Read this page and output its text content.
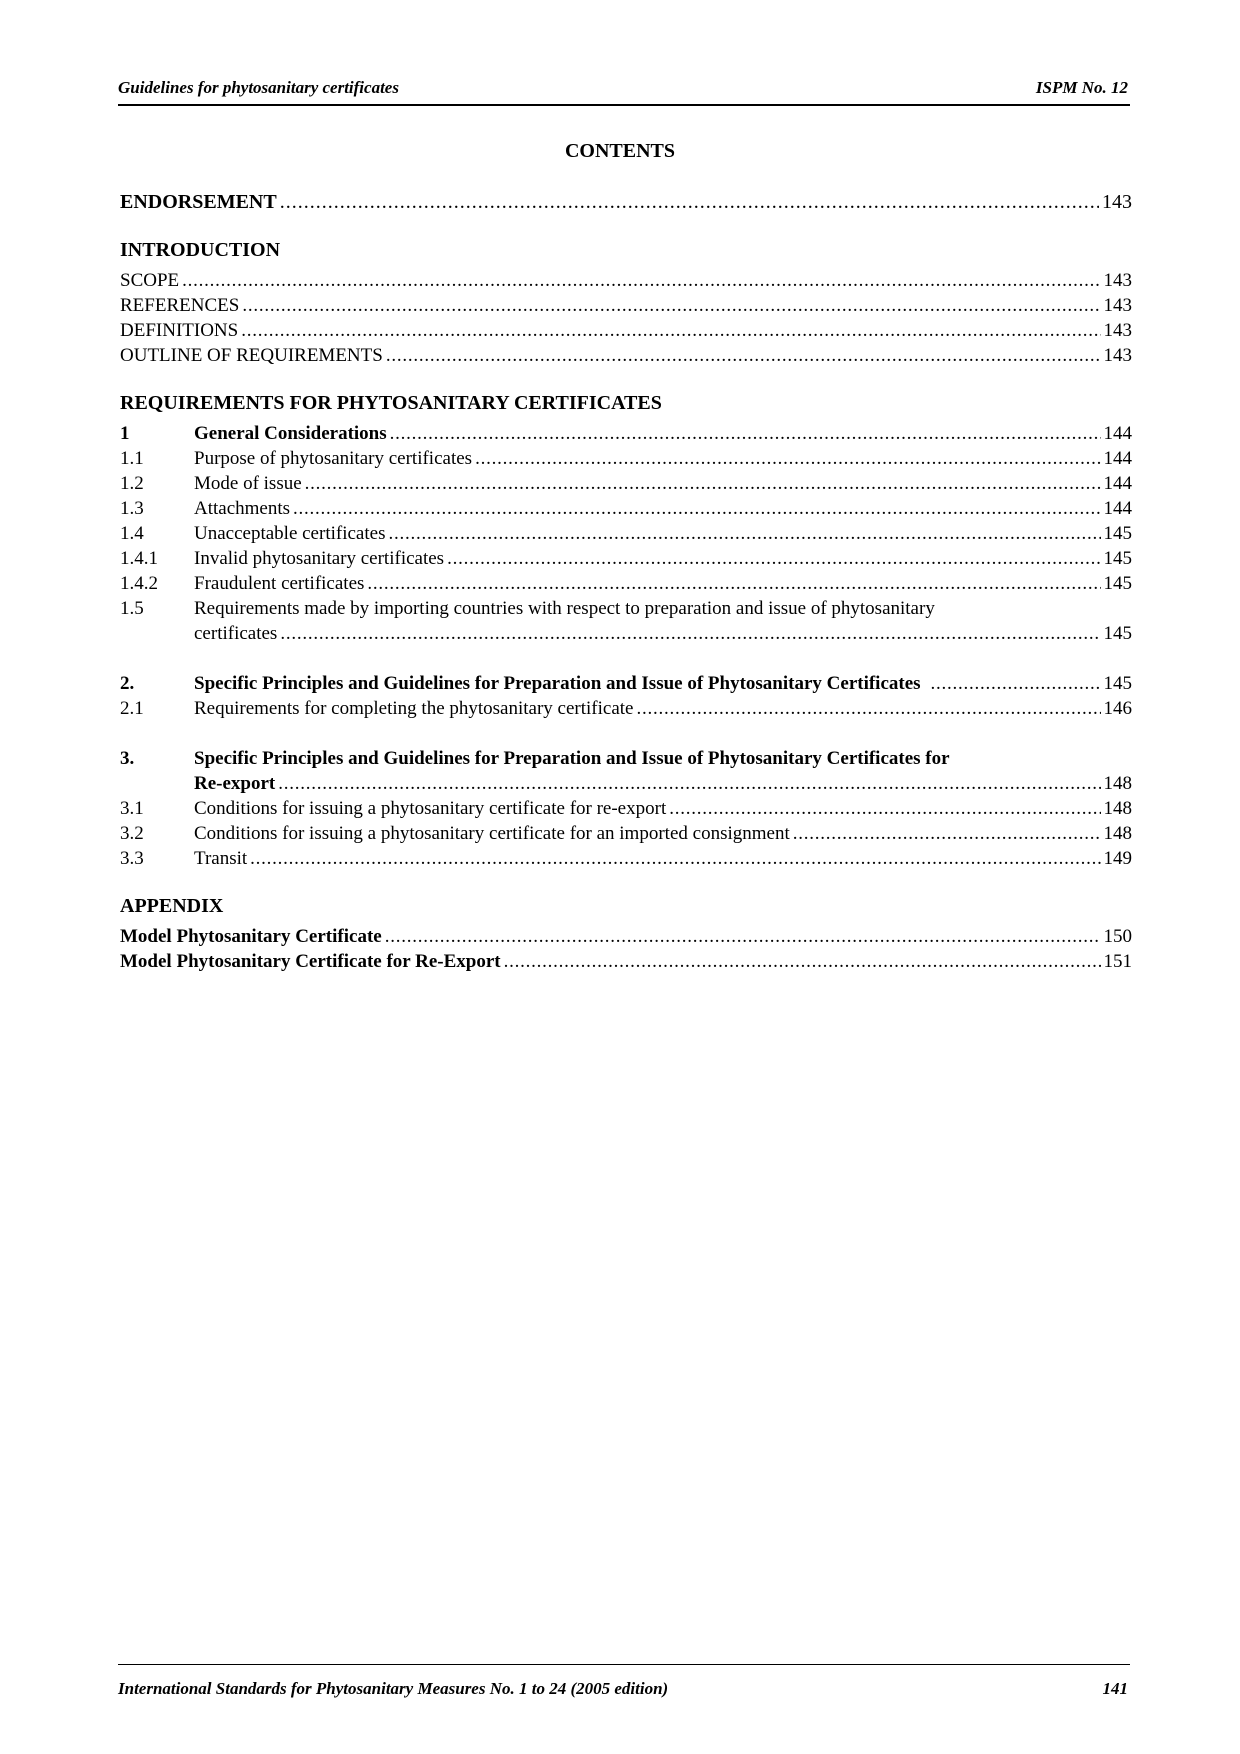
Guidelines for phytosanitary certificates	ISPM No. 12
CONTENTS
ENDORSEMENT . . .	143
INTRODUCTION
SCOPE . . .	143
REFERENCES . . .	143
DEFINITIONS . . .	143
OUTLINE OF REQUIREMENTS . . .	143
REQUIREMENTS FOR PHYTOSANITARY CERTIFICATES
1	General Considerations . . .	144
1.1	Purpose of phytosanitary certificates . . .	144
1.2	Mode of issue . . .	144
1.3	Attachments . . .	144
1.4	Unacceptable certificates . . .	145
1.4.1	Invalid phytosanitary certificates . . .	145
1.4.2	Fraudulent certificates . . .	145
1.5	Requirements made by importing countries with respect to preparation and issue of phytosanitary
certificates . . .	145
2.	Specific Principles and Guidelines for Preparation and Issue of Phytosanitary Certificates . . .	145
2.1	Requirements for completing the phytosanitary certificate . . .	146
3.	Specific Principles and Guidelines for Preparation and Issue of Phytosanitary Certificates for
Re-export . . .	148
3.1	Conditions for issuing a phytosanitary certificate for re-export . . .	148
3.2	Conditions for issuing a phytosanitary certificate for an imported consignment . . .	148
3.3	Transit . . .	149
APPENDIX
Model Phytosanitary Certificate . . .	150
Model Phytosanitary Certificate for Re-Export . . .	151
International Standards for Phytosanitary Measures No. 1 to 24 (2005 edition)	141
